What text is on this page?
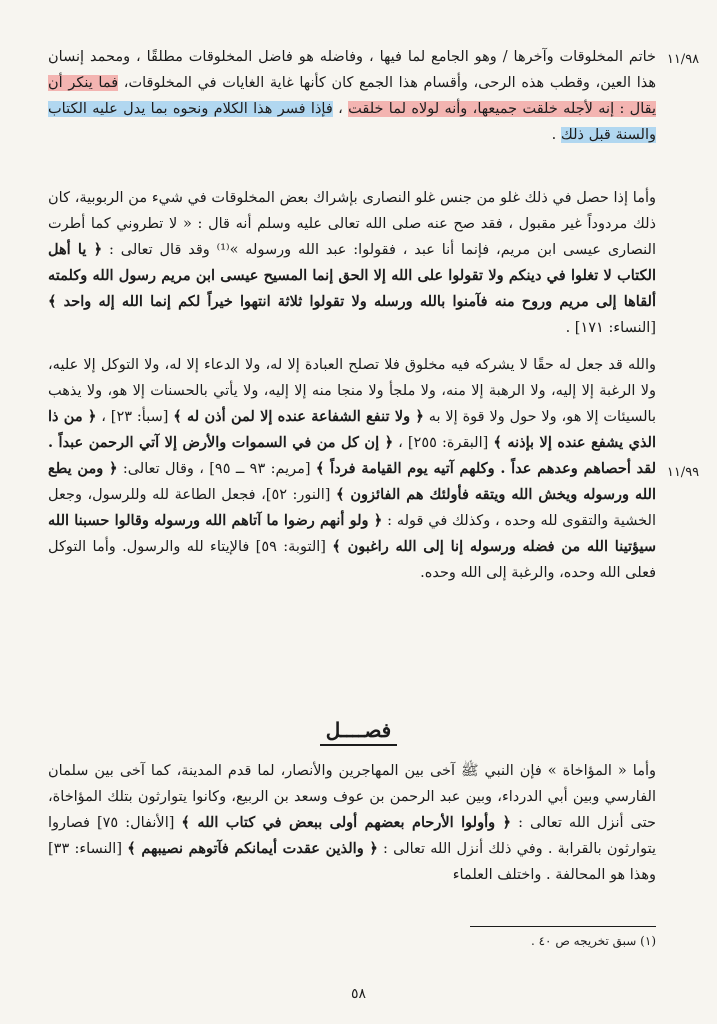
١١/٩٨
١١/٩٩
خاتم المخلوقات وآخرها / وهو الجامع لما فيها ، وفاضله هو فاضل المخلوقات مطلقًا ، ومحمد إنسان هذا العين، وقطب هذه الرحى، وأقسام هذا الجمع كان كأنها غاية الغايات في المخلوقات، فما ينكر أن يقال : إنه لأجله خلقت جميعها، وأنه لولاه لما خلقت ، فإذا فسر هذا الكلام ونحوه بما يدل عليه الكتاب والسنة قبل ذلك .
وأما إذا حصل في ذلك غلو من جنس غلو النصارى بإشراك بعض المخلوقات في شيء من الربوبية، كان ذلك مردوداً غير مقبول ، فقد صح عنه صلى الله تعالى عليه وسلم أنه قال : « لا تطروني كما أطرت النصارى عيسى ابن مريم، فإنما أنا عبد ، فقولوا: عبد الله ورسوله »⁽¹⁾ وقد قال تعالى : ﴿ يا أهل الكتاب لا تغلوا في دينكم ولا تقولوا على الله إلا الحق إنما المسيح عيسى ابن مريم رسول الله وكلمته ألقاها إلى مريم وروح منه فآمنوا بالله ورسله ولا تقولوا ثلاثة انتهوا خيراً لكم إنما الله إله واحد ﴾ [النساء: ١٧١] .
والله قد جعل له حقًا لا يشركه فيه مخلوق فلا تصلح العبادة إلا له، ولا الدعاء إلا له، ولا التوكل إلا عليه، ولا الرغبة إلا إليه، ولا الرهبة إلا منه، ولا ملجأ ولا منجا منه إلا إليه، ولا يأتي بالحسنات إلا هو، ولا يذهب بالسيئات إلا هو، ولا حول ولا قوة إلا به ﴿ ولا تنفع الشفاعة عنده إلا لمن أذن له ﴾ [سبأ: ٢٣] ، ﴿ من ذا الذي يشفع عنده إلا بإذنه ﴾ [البقرة: ٢٥٥] ، ﴿ إن كل من في السموات والأرض إلا آتي الرحمن عبداً . لقد أحصاهم وعدهم عداً . وكلهم آتيه يوم القيامة فرداً ﴾ [مريم: ٩٣ ــ ٩٥] ، وقال تعالى: ﴿ ومن يطع الله ورسوله ويخش الله ويتقه فأولئك هم الفائزون ﴾ [النور: ٥٢]، فجعل الطاعة لله وللرسول، وجعل الخشية والتقوى لله وحده ، وكذلك في قوله : ﴿ ولو أنهم رضوا ما آتاهم الله ورسوله وقالوا حسبنا الله سيؤتينا الله من فضله ورسوله إنا إلى الله راغبون ﴾ [التوبة: ٥٩] فالإيتاء لله والرسول. وأما التوكل فعلى الله وحده، والرغبة إلى الله وحده.
فصــــل
وأما « المؤاخاة » فإن النبي ﷺ آخى بين المهاجرين والأنصار، لما قدم المدينة، كما آخى بين سلمان الفارسي وبين أبي الدرداء، وبين عبد الرحمن بن عوف وسعد بن الربيع، وكانوا يتوارثون بتلك المؤاخاة، حتى أنزل الله تعالى : ﴿ وأولوا الأرحام بعضهم أولى ببعض في كتاب الله ﴾ [الأنفال: ٧٥] فصاروا يتوارثون بالقرابة . وفي ذلك أنزل الله تعالى : ﴿ والذين عقدت أيمانكم فآتوهم نصيبهم ﴾ [النساء: ٣٣] وهذا هو المحالفة . واختلف العلماء
(١) سبق تخريجه ص ٤٠ .
٥٨
